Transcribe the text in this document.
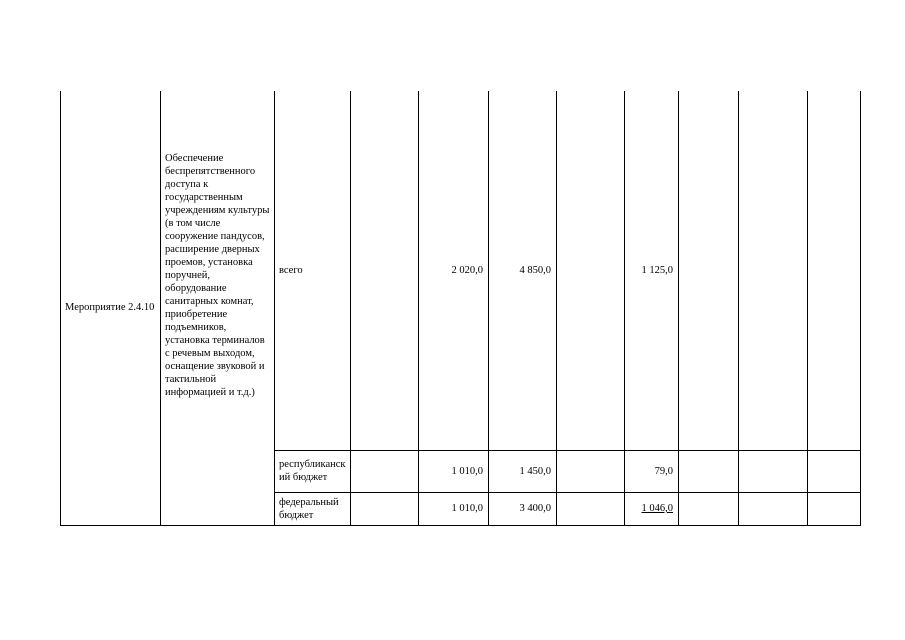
Мероприятие 2.4.10	Обеспечение беспрепятственного доступа к государственным учреждениям культуры (в том числе сооружение пандусов, расширение дверных проемов, установка поручней, оборудование санитарных комнат, приобретение подъемников, установка терминалов с речевым выходом, оснащение звуковой и тактильной информацией и т.д.)	всего		2 020,0	4 850,0		1 125,0			
		республиканский бюджет		1 010,0	1 450,0		79,0			
		федеральный бюджет		1 010,0	3 400,0		1 046,0			
